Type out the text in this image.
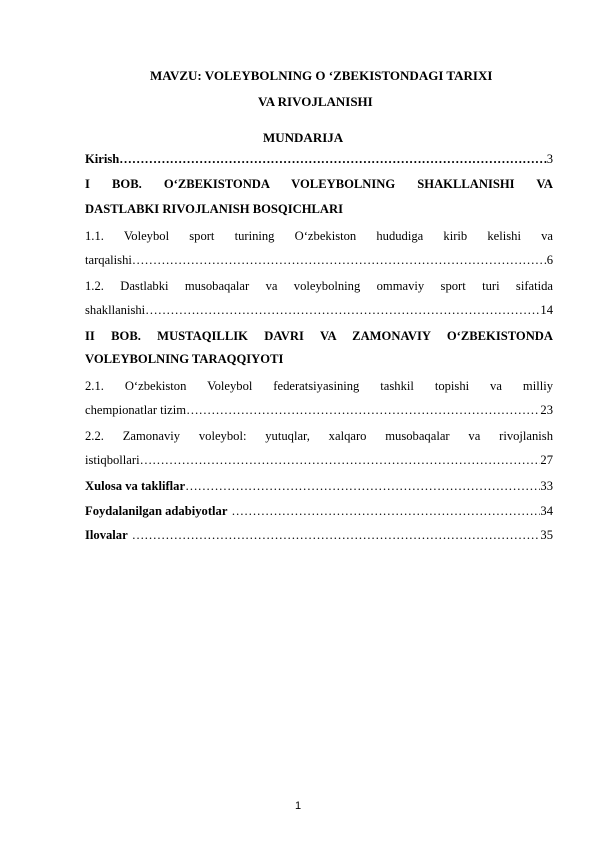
MAVZU: VOLEYBOLNING O ‘ZBEKISTONDAGI TARIXI
VA RIVOJLANISHI
MUNDARIJA
Kirish …………………………………………………………………………………………………………………………………………………………………………………………	3
I BOB. O‘ZBEKISTONDA VOLEYBOLNING SHAKLLANISHI VA
DASTLABKI RIVOJLANISH BOSQICHLARI
1.1. Voleybol sport turining O‘zbekiston hududiga kirib kelishi va
tarqalishi …………………………………………………………………………………………………………………………………………………………………………………………	6
1.2. Dastlabki musobaqalar va voleybolning ommaviy sport turi sifatida
shakllanishi …………………………………………………………………………………………………………………………………………………………………………………………	14
II BOB. MUSTAQILLIK DAVRI VA ZAMONAVIY O‘ZBEKISTONDA
VOLEYBOLNING TARAQQIYOTI
2.1. O‘zbekiston Voleybol federatsiyasining tashkil topishi va milliy
chempionatlar tizim …………………………………………………………………………………………………………………………………………………………………………………………	23
2.2. Zamonaviy voleybol: yutuqlar, xalqaro musobaqalar va rivojlanish
istiqbollari …………………………………………………………………………………………………………………………………………………………………………………………	27
Xulosa va takliflar …………………………………………………………………………………………………………………………………………………………………………………………	33
Foydalanilgan adabiyotlar …………………………………………………………………………………………………………………………………………………………………………………………	34
Ilovalar …………………………………………………………………………………………………………………………………………………………………………………………	35
1
